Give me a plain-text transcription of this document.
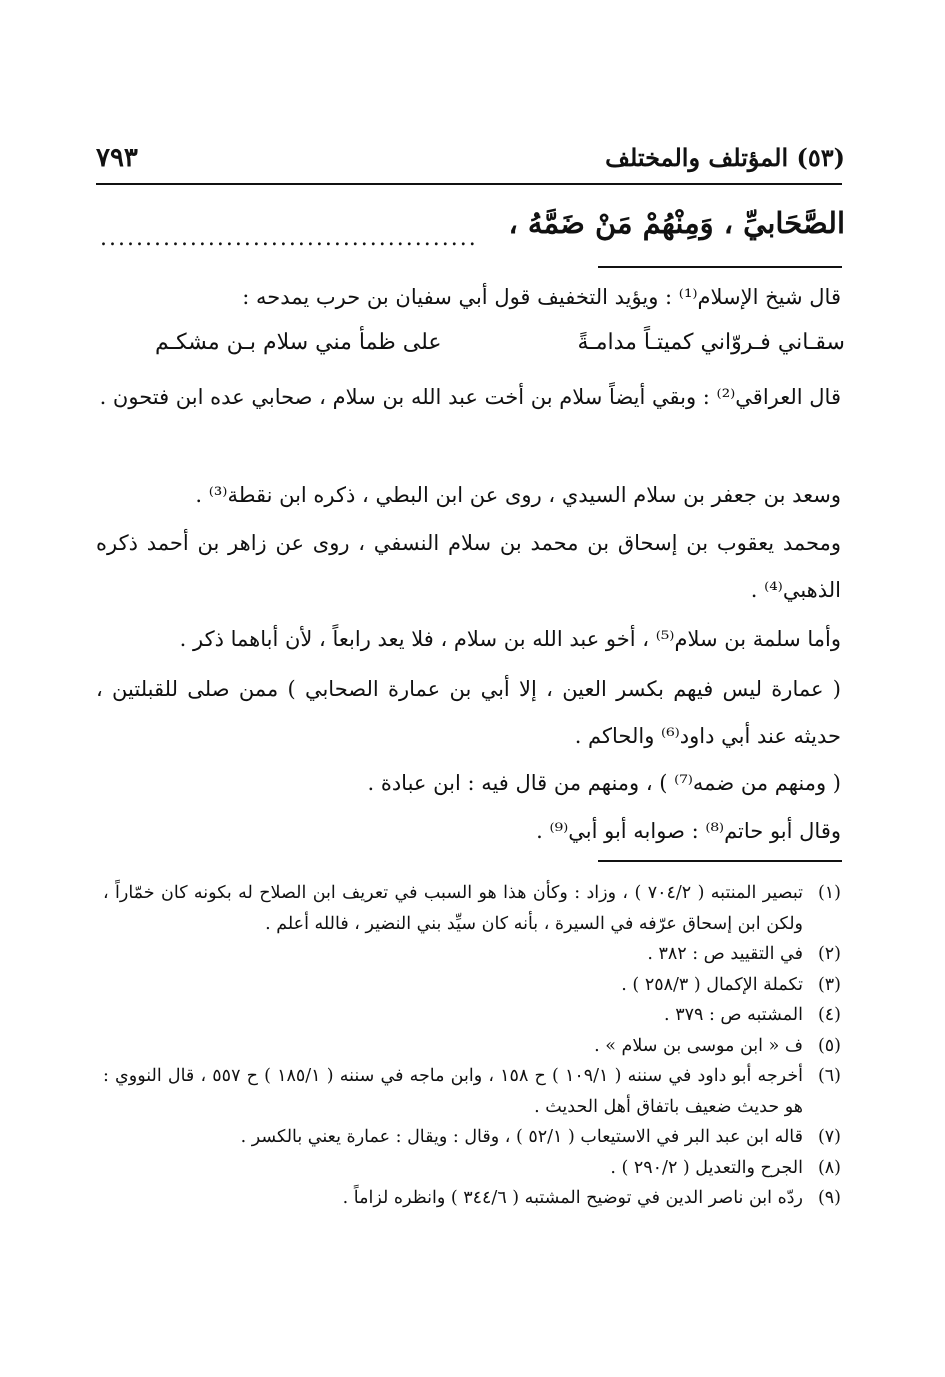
(٥٣) المؤتلف والمختلف
٧٩٣
الصَّحَابيِّ ، وَمِنْهُمْ مَنْ ضَمَّهُ ،
..........................................
قال شيخ الإسلام⁽¹⁾ : ويؤيد التخفيف قول أبي سفيان بن حرب يمدحه :
سقـاني فـروّاني كميتـاً مدامـةً
على ظمأ مني سلام بـن مشكـم
قال العراقي⁽²⁾ : وبقي أيضاً سلام بن أخت عبد الله بن سلام ، صحابي عده ابن فتحون .
وسعد بن جعفر بن سلام السيدي ، روى عن ابن البطي ، ذكره ابن نقطة⁽³⁾ .
ومحمد يعقوب بن إسحاق بن محمد بن سلام النسفي ، روى عن زاهر بن أحمد ذكره الذهبي⁽⁴⁾ .
وأما سلمة بن سلام⁽⁵⁾ ، أخو عبد الله بن سلام ، فلا يعد رابعاً ، لأن أباهما ذكر .
( عمارة ليس فيهم بكسر العين ، إلا أبي بن عمارة الصحابي ) ممن صلى للقبلتين ، حديثه عند أبي داود⁽⁶⁾ والحاكم .
( ومنهم من ضمه⁽⁷⁾ ) ، ومنهم من قال فيه : ابن عبادة .
وقال أبو حاتم⁽⁸⁾ : صوابه أبو أبي⁽⁹⁾ .
(١)
تبصير المنتبه ( ٧٠٤/٢ ) ، وزاد : وكأن هذا هو السبب في تعريف ابن الصلاح له بكونه كان خمّاراً ، ولكن ابن إسحاق عرّفه في السيرة ، بأنه كان سيِّد بني النضير ، فالله أعلم .
(٢)
في التقييد ص : ٣٨٢ .
(٣)
تكملة الإكمال ( ٢٥٨/٣ ) .
(٤)
المشتبه ص : ٣٧٩ .
(٥)
ف « ابن موسى بن سلام » .
(٦)
أخرجه أبو داود في سننه ( ١٠٩/١ ) ح ١٥٨ ، وابن ماجه في سننه ( ١٨٥/١ ) ح ٥٥٧ ، قال النووي : هو حديث ضعيف باتفاق أهل الحديث .
(٧)
قاله ابن عبد البر في الاستيعاب ( ٥٢/١ ) ، وقال : ويقال : عمارة يعني بالكسر .
(٨)
الجرح والتعديل ( ٢٩٠/٢ ) .
(٩)
ردّه ابن ناصر الدين في توضيح المشتبه ( ٣٤٤/٦ ) وانظره لزاماً .
